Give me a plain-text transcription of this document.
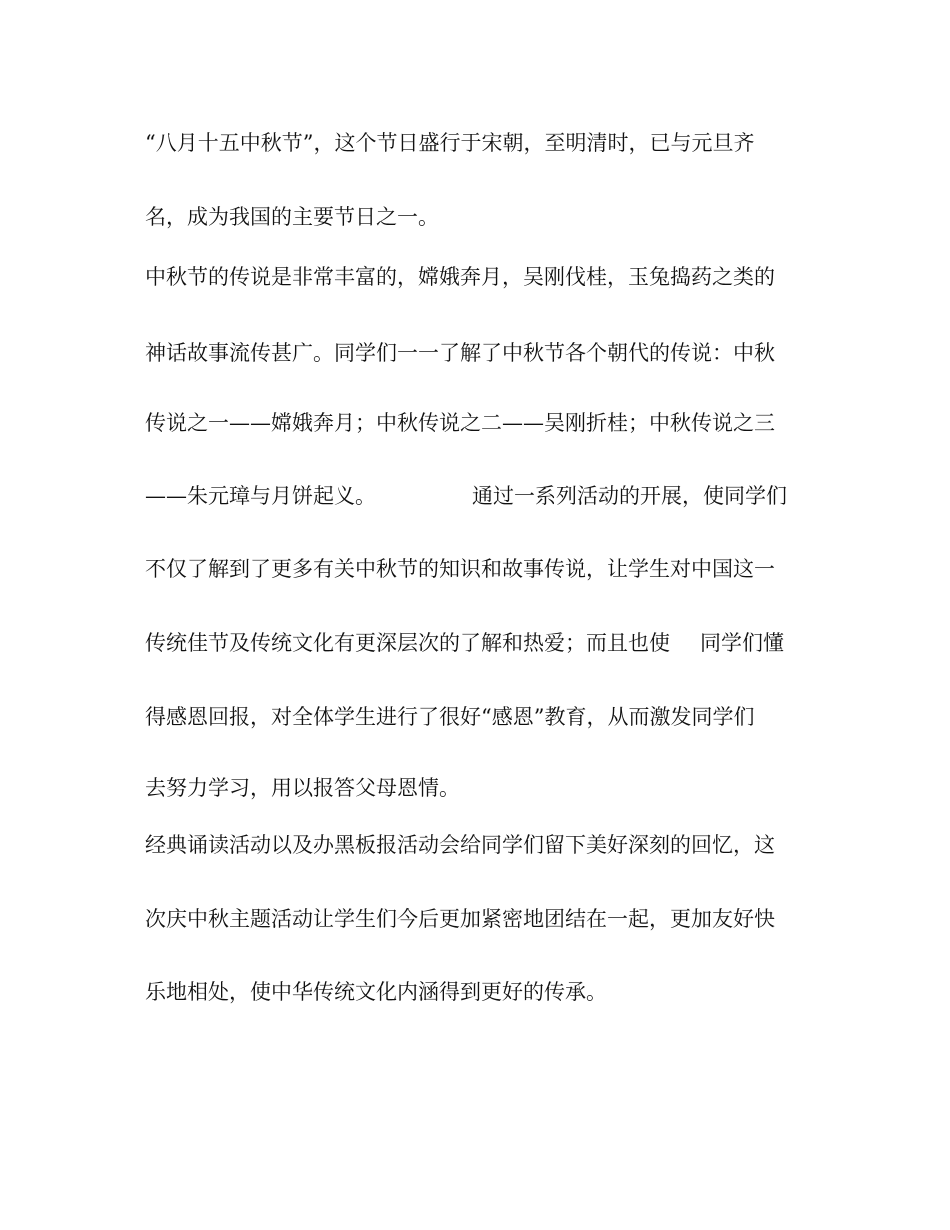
“八月十五中秋节”，这个节日盛行于宋朝，至明清时，已与元旦齐

名，成为我国的主要节日之一。

中秋节的传说是非常丰富的，嫦娥奔月，吴刚伐桂，玉兔捣药之类的

神话故事流传甚广。同学们一一了解了中秋节各个朝代的传说：中秋

传说之一——嫦娥奔月；中秋传说之二——吴刚折桂；中秋传说之三

——朱元璋与月饼起义。	通过一系列活动的开展，使同学们

不仅了解到了更多有关中秋节的知识和故事传说，让学生对中国这一

传统佳节及传统文化有更深层次的了解和热爱；而且也使 同学们懂

得感恩回报，对全体学生进行了很好“感恩”教育，从而激发同学们

去努力学习，用以报答父母恩情。

经典诵读活动以及办黑板报活动会给同学们留下美好深刻的回忆，这

次庆中秋主题活动让学生们今后更加紧密地团结在一起，更加友好快

乐地相处，使中华传统文化内涵得到更好的传承。
